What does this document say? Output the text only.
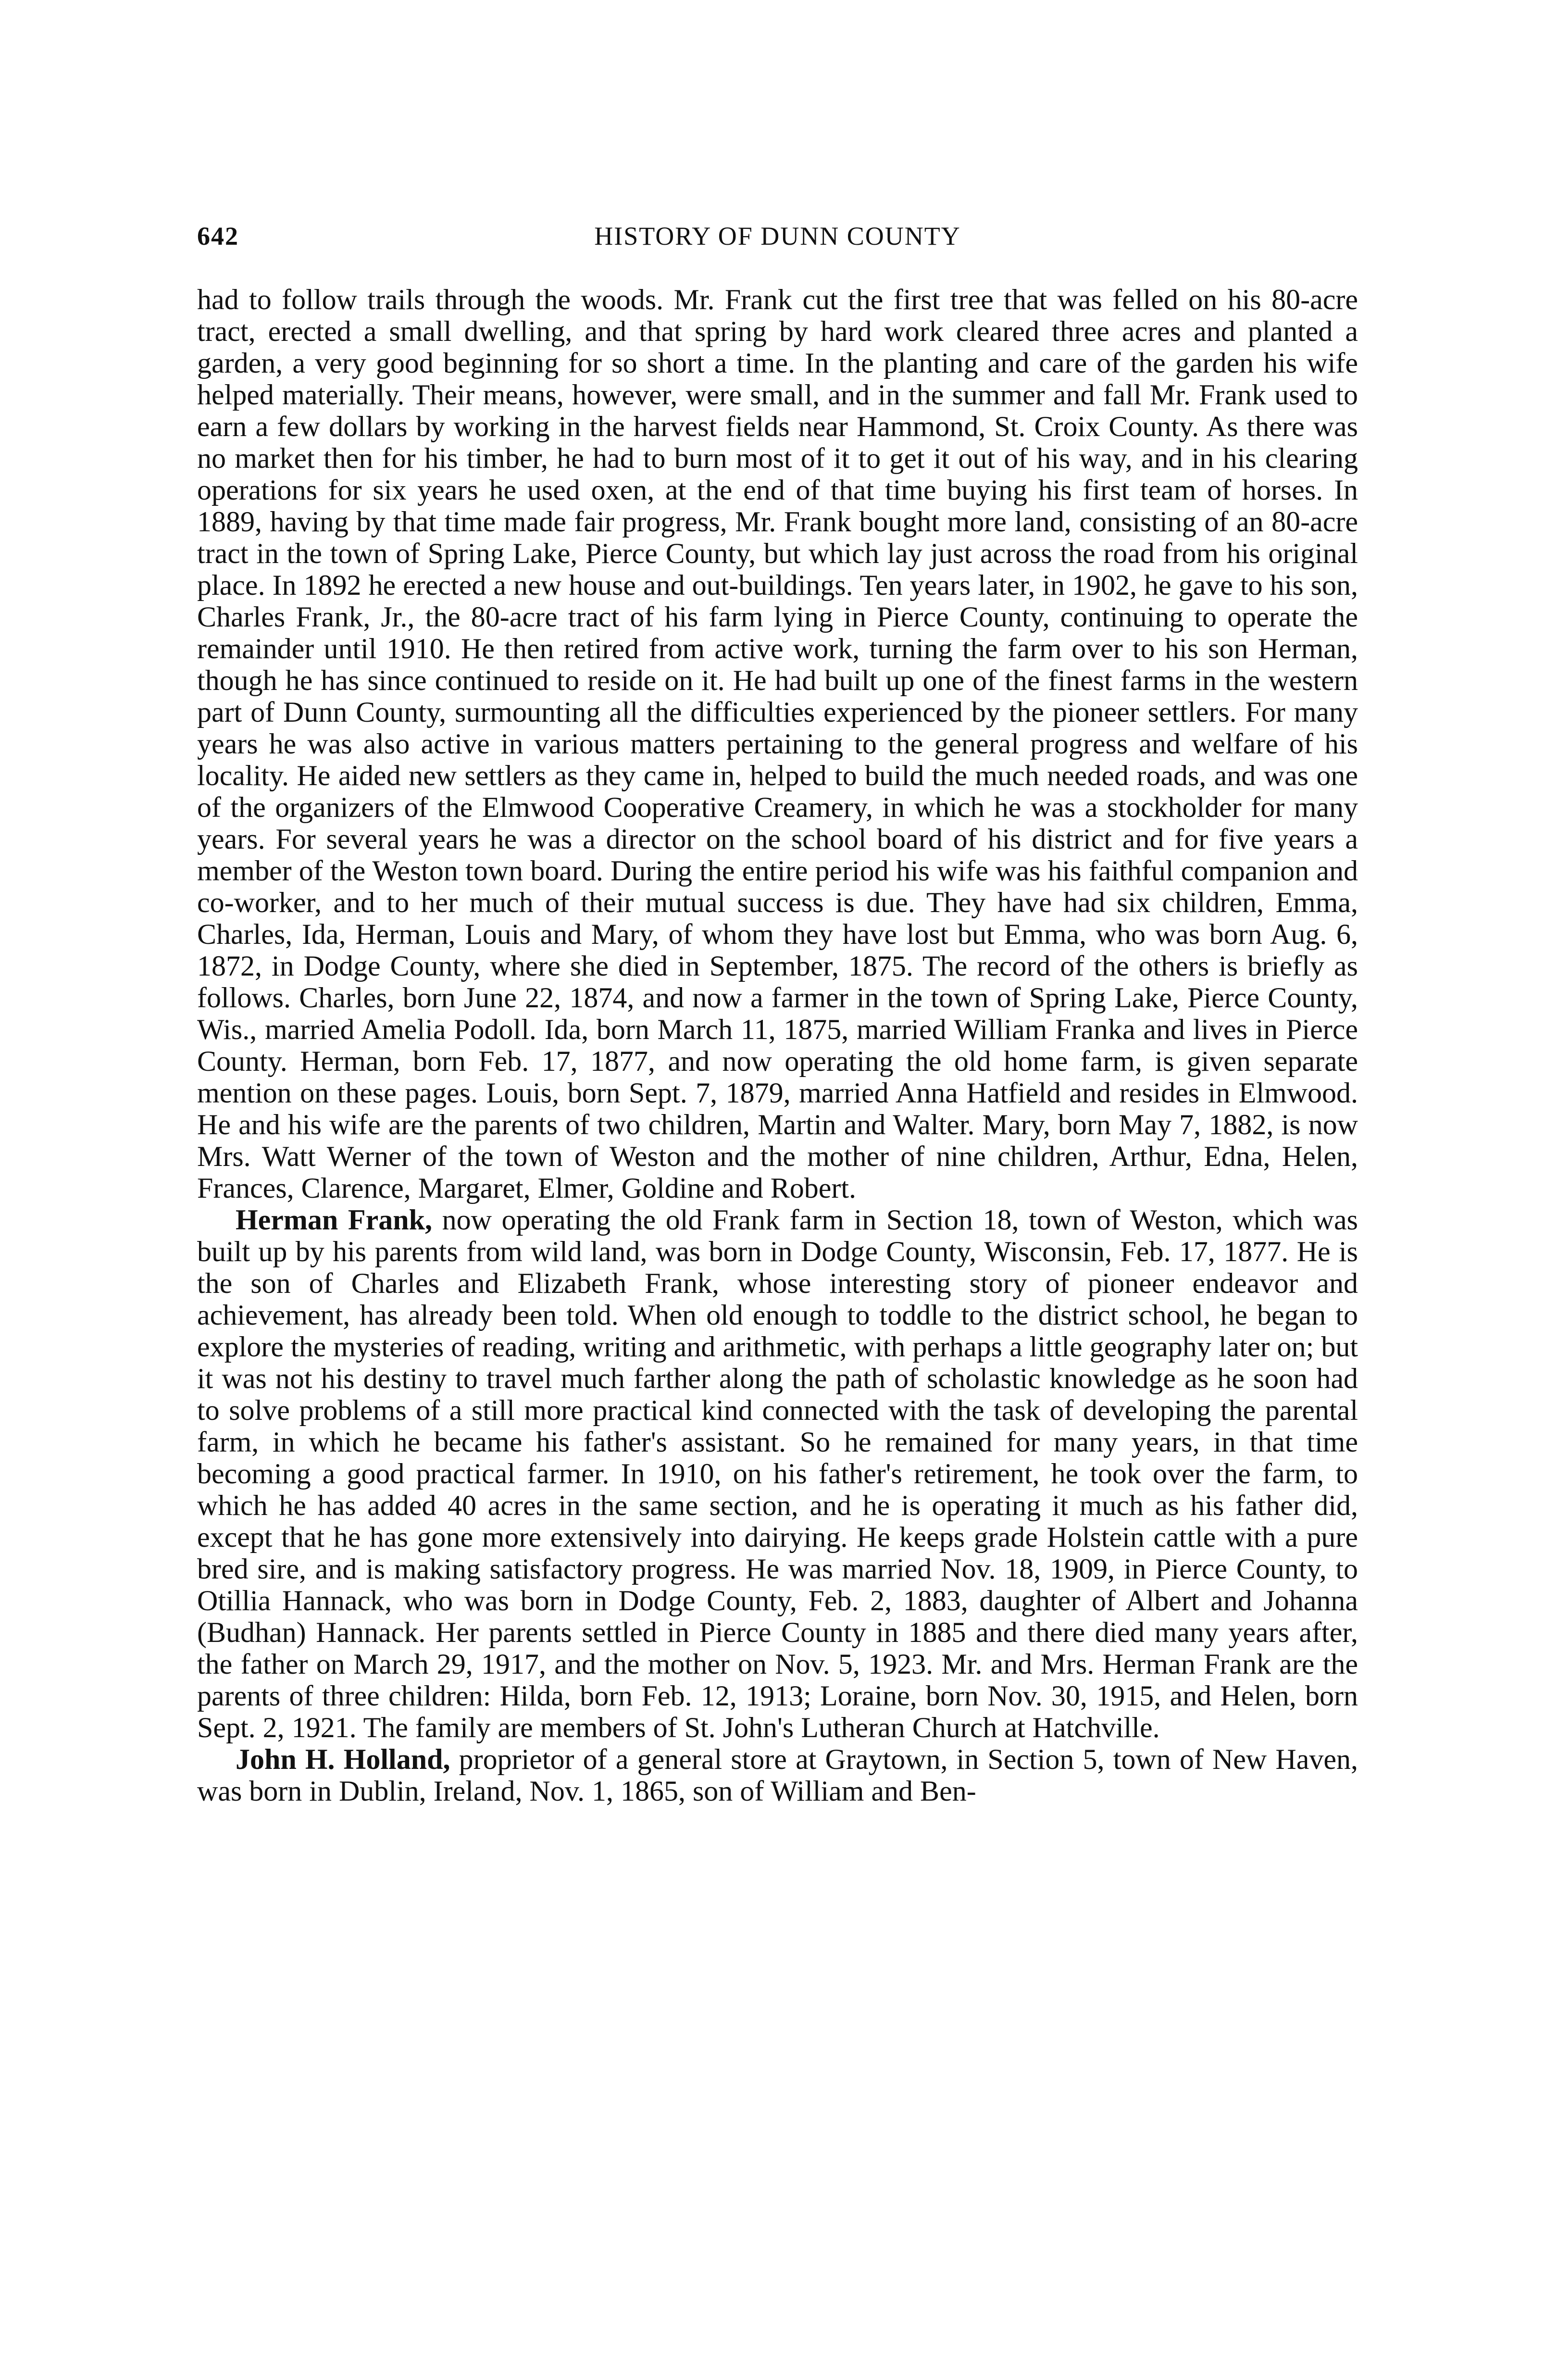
642	HISTORY OF DUNN COUNTY

had to follow trails through the woods. Mr. Frank cut the first tree that was felled on his 80-acre tract, erected a small dwelling, and that spring by hard work cleared three acres and planted a garden, a very good beginning for so short a time. In the planting and care of the garden his wife helped materially. Their means, however, were small, and in the summer and fall Mr. Frank used to earn a few dollars by working in the harvest fields near Hammond, St. Croix County. As there was no market then for his timber, he had to burn most of it to get it out of his way, and in his clearing operations for six years he used oxen, at the end of that time buying his first team of horses. In 1889, having by that time made fair progress, Mr. Frank bought more land, consisting of an 80-acre tract in the town of Spring Lake, Pierce County, but which lay just across the road from his original place. In 1892 he erected a new house and out-buildings. Ten years later, in 1902, he gave to his son, Charles Frank, Jr., the 80-acre tract of his farm lying in Pierce County, continuing to operate the remainder until 1910. He then retired from active work, turning the farm over to his son Herman, though he has since continued to reside on it. He had built up one of the finest farms in the western part of Dunn County, surmounting all the difficulties experienced by the pioneer settlers. For many years he was also active in various matters pertaining to the general progress and welfare of his locality. He aided new settlers as they came in, helped to build the much needed roads, and was one of the organizers of the Elmwood Cooperative Creamery, in which he was a stockholder for many years. For several years he was a director on the school board of his district and for five years a member of the Weston town board. During the entire period his wife was his faithful companion and co-worker, and to her much of their mutual success is due. They have had six children, Emma, Charles, Ida, Herman, Louis and Mary, of whom they have lost but Emma, who was born Aug. 6, 1872, in Dodge County, where she died in September, 1875. The record of the others is briefly as follows. Charles, born June 22, 1874, and now a farmer in the town of Spring Lake, Pierce County, Wis., married Amelia Podoll. Ida, born March 11, 1875, married William Franka and lives in Pierce County. Herman, born Feb. 17, 1877, and now operating the old home farm, is given separate mention on these pages. Louis, born Sept. 7, 1879, married Anna Hatfield and resides in Elmwood. He and his wife are the parents of two children, Martin and Walter. Mary, born May 7, 1882, is now Mrs. Watt Werner of the town of Weston and the mother of nine children, Arthur, Edna, Helen, Frances, Clarence, Margaret, Elmer, Goldine and Robert.

Herman Frank, now operating the old Frank farm in Section 18, town of Weston, which was built up by his parents from wild land, was born in Dodge County, Wisconsin, Feb. 17, 1877. He is the son of Charles and Elizabeth Frank, whose interesting story of pioneer endeavor and achievement, has already been told. When old enough to toddle to the district school, he began to explore the mysteries of reading, writing and arithmetic, with perhaps a little geography later on; but it was not his destiny to travel much farther along the path of scholastic knowledge as he soon had to solve problems of a still more practical kind connected with the task of developing the parental farm, in which he became his father's assistant. So he remained for many years, in that time becoming a good practical farmer. In 1910, on his father's retirement, he took over the farm, to which he has added 40 acres in the same section, and he is operating it much as his father did, except that he has gone more extensively into dairying. He keeps grade Holstein cattle with a pure bred sire, and is making satisfactory progress. He was married Nov. 18, 1909, in Pierce County, to Otillia Hannack, who was born in Dodge County, Feb. 2, 1883, daughter of Albert and Johanna (Budhan) Hannack. Her parents settled in Pierce County in 1885 and there died many years after, the father on March 29, 1917, and the mother on Nov. 5, 1923. Mr. and Mrs. Herman Frank are the parents of three children: Hilda, born Feb. 12, 1913; Loraine, born Nov. 30, 1915, and Helen, born Sept. 2, 1921. The family are members of St. John's Lutheran Church at Hatchville.

John H. Holland, proprietor of a general store at Graytown, in Section 5, town of New Haven, was born in Dublin, Ireland, Nov. 1, 1865, son of William and Ben-
